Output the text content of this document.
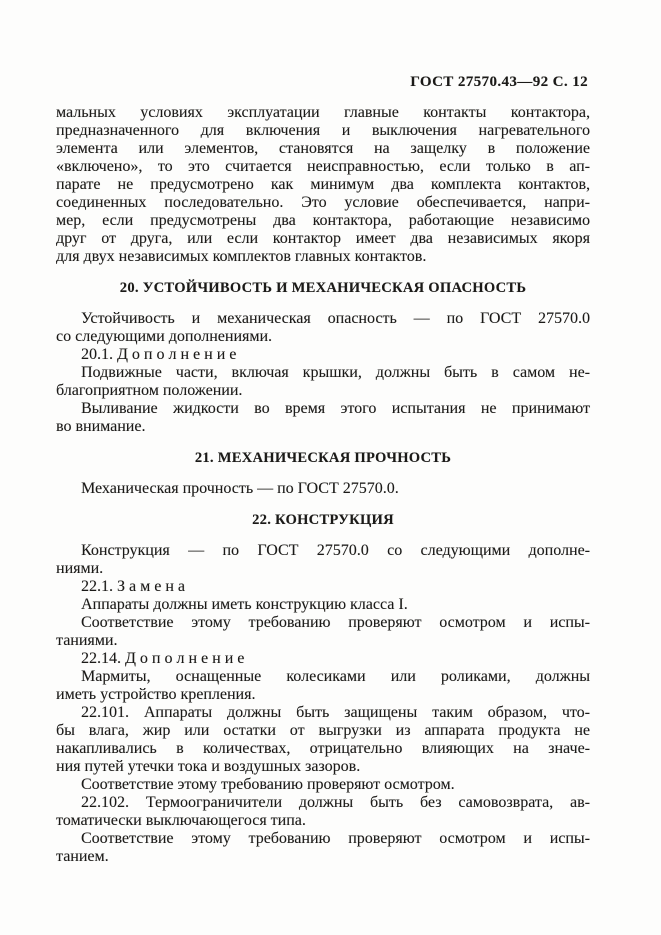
ГОСТ 27570.43—92 С. 12

мальных условиях эксплуатации главные контакты контактора,
предназначенного для включения и выключения нагревательного
элемента или элементов, становятся на защелку в положение
«включено», то это считается неисправностью, если только в ап-
парате не предусмотрено как минимум два комплекта контактов,
соединенных последовательно. Это условие обеспечивается, напри-
мер, если предусмотрены два контактора, работающие независимо
друг от друга, или если контактор имеет два независимых якоря
для двух независимых комплектов главных контактов.

20. УСТОЙЧИВОСТЬ И МЕХАНИЧЕСКАЯ ОПАСНОСТЬ

Устойчивость и механическая опасность — по ГОСТ 27570.0
со следующими дополнениями.

20.1. Д о п о л н е н и е

Подвижные части, включая крышки, должны быть в самом не-
благоприятном положении.

Выливание жидкости во время этого испытания не принимают
во внимание.

21. МЕХАНИЧЕСКАЯ ПРОЧНОСТЬ

Механическая прочность — по ГОСТ 27570.0.

22. КОНСТРУКЦИЯ

Конструкция — по ГОСТ 27570.0 со следующими дополне-
ниями.

22.1. З а м е н а

Аппараты должны иметь конструкцию класса I.

Соответствие этому требованию проверяют осмотром и испы-
таниями.

22.14. Д о п о л н е н и е

Мармиты, оснащенные колесиками или роликами, должны
иметь устройство крепления.

22.101. Аппараты должны быть защищены таким образом, что-
бы влага, жир или остатки от выгрузки из аппарата продукта не
накапливались в количествах, отрицательно влияющих на значе-
ния путей утечки тока и воздушных зазоров.

Соответствие этому требованию проверяют осмотром.

22.102. Термоограничители должны быть без самовозврата, ав-
томатически выключающегося типа.

Соответствие этому требованию проверяют осмотром и испы-
танием.
